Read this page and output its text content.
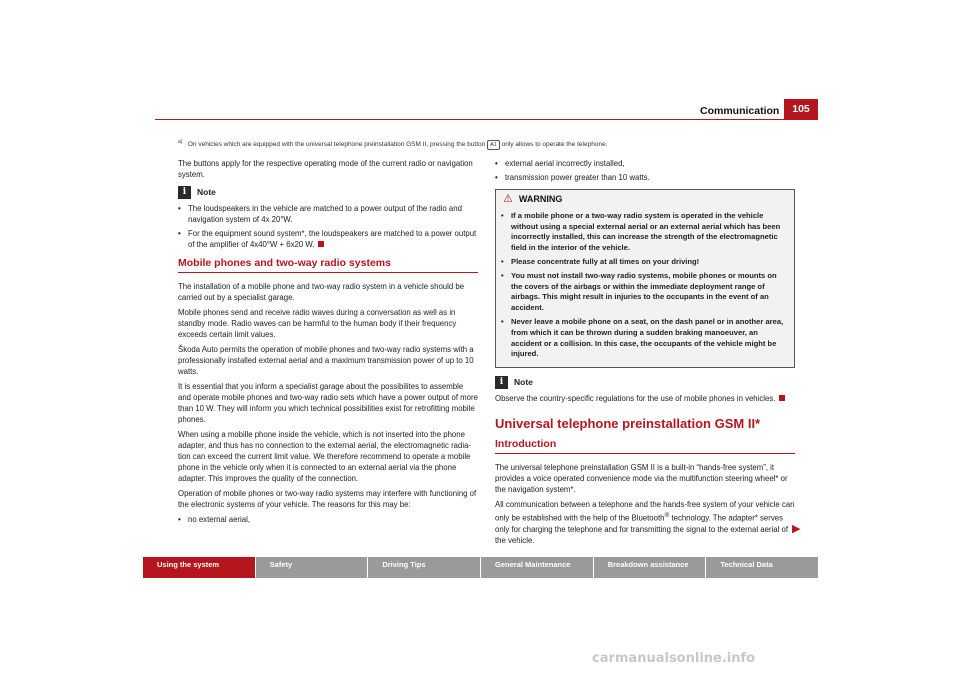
Communication	105
$^{a)}$ On vehicles which are equipped with the universal telephone preinstallation GSM II, pressing the button A1 only allows to operate the telephone.

The buttons apply for the respective operating mode of the current radio or navigation system.

i	Note
• The loudspeakers in the vehicle are matched to a power output of the radio and navigation system of 4x 20°W.
• For the equipment sound system*, the loudspeakers are matched to a power output of the amplifier of 4x40°W + 6x20 W.
Mobile phones and two-way radio systems

The installation of a mobile phone and two-way radio system in a vehicle should be carried out by a specialist garage.

Mobile phones send and receive radio waves during a conversation as well as in standby mode. Radio waves can be harmful to the human body if their frequency exceeds certain limit values.

Škoda Auto permits the operation of mobile phones and two-way radio systems with a professionally installed external aerial and a maximum transmission power of up to 10 watts.

It is essential that you inform a specialist garage about the possibilites to assemble and operate mobile phones and two-way radio sets which have a power output of more than 10 W. They will inform you which technical possibilities exist for retrofitting mobile phones.

When using a mobille phone inside the vehicle, which is not inserted into the phone adapter, and thus has no connection to the external aerial, the electromagnetic radia-tion can exceed the current limit value. We therefore recommend to operate a mobile phone in the vehicle only when it is connected to an external aerial via the phone adapter. This improves the quality of the connection.

Operation of mobile phones or two-way radio systems may interfere with functioning of the electronic systems of your vehicle. The reasons for this may be:

• no external aerial,
• external aerial incorrectly installed,
• transmission power greater than 10 watts.
⚠ WARNING
• If a mobile phone or a two-way radio system is operated in the vehicle without using a special external aerial or an external aerial which has been incorrectly installed, this can increase the strength of the electromagnetic field in the interior of the vehicle.
• Please concentrate fully at all times on your driving!
• You must not install two-way radio systems, mobile phones or mounts on the covers of the airbags or within the immediate deployment range of airbags. This might result in injuries to the occupants in the event of an accident.
• Never leave a mobile phone on a seat, on the dash panel or in another area, from which it can be thrown during a sudden braking manoeuver, an accident or a collision. In this case, the occupants of the vehicle might be injured.
i	Note

Observe the country-specific regulations for the use of mobile phones in vehicles.

Universal telephone preinstallation GSM II*
Introduction

The universal telephone preinstallation GSM II is a built-in “hands-free system”, it provides a voice operated convenience mode via the multifunction steering wheel* or the navigation system*.

All communication between a telephone and the hands-free system of your vehicle can only be established with the help of the Bluetooth® technology. The adapter* serves only for charging the telephone and for transmitting the signal to the external aerial of the vehicle.

▶
Using the system	Safety	Driving Tips	General Maintenance	Breakdown assistance	Technical Data
carmanualsonline.info
